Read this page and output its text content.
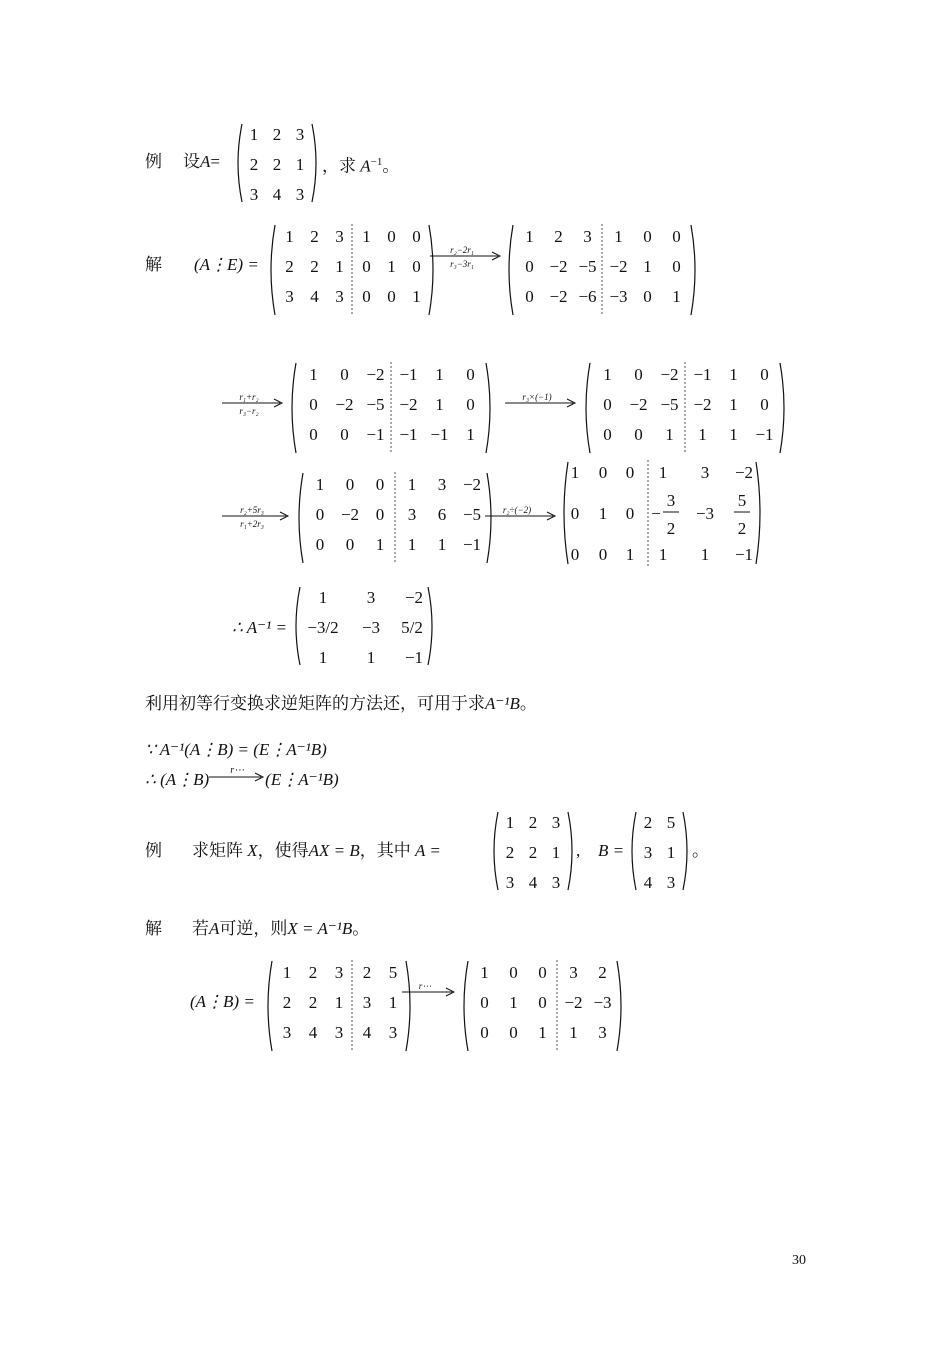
例 设A=
1 2 3
2 2 1
3 4 3
，求 $A^{-1}$。
解 (A⋮E) =
1 2 3 1 0 0
2 2 1 0 1 0
3 4 3 0 0 1
r₂−2r₁
r₃−3r₁
1 2 3 1 0 0
0 −2 −5 −2 1 0
0 −2 −6 −3 0 1
r₁+r₂
r₃−r₂
1 0 −2 −1 1 0
0 −2 −5 −2 1 0
0 0 −1 −1 −1 1
r₃×(−1)
1 0 −2 −1 1 0
0 −2 −5 −2 1 0
0 0 1 1 1 −1
r₂+5r₃
r₁+2r₃
1 0 0 1 3 −2
0 −2 0 3 6 −5
0 0 1 1 1 −1
r₂÷(−2)
1 0 0 1 3 −2
0 1 0 −
3
2
−3
5
2
0 0 1 1 1 −1
∴ A⁻¹ =
1 3 −2
−3/2 −3 5/2
1 1 −1
利用初等行变换求逆矩阵的方法还，可用于求A⁻¹B。
∵ A⁻¹(A⋮B) = (E⋮A⁻¹B)
∴ (A⋮B)	r⋯	(E⋮A⁻¹B)
例 求矩阵 X，使得AX = B，其中 A =
1 2 3
2 2 1
3 4 3
, B =
2 5
3 1
4 3
。
解 若A可逆，则X = A⁻¹B。
(A⋮B) =
1 2 3 2 5
2 2 1 3 1
3 4 3 4 3
r⋯
1 0 0 3 2
0 1 0 −2 −3
0 0 1 1 3
30
